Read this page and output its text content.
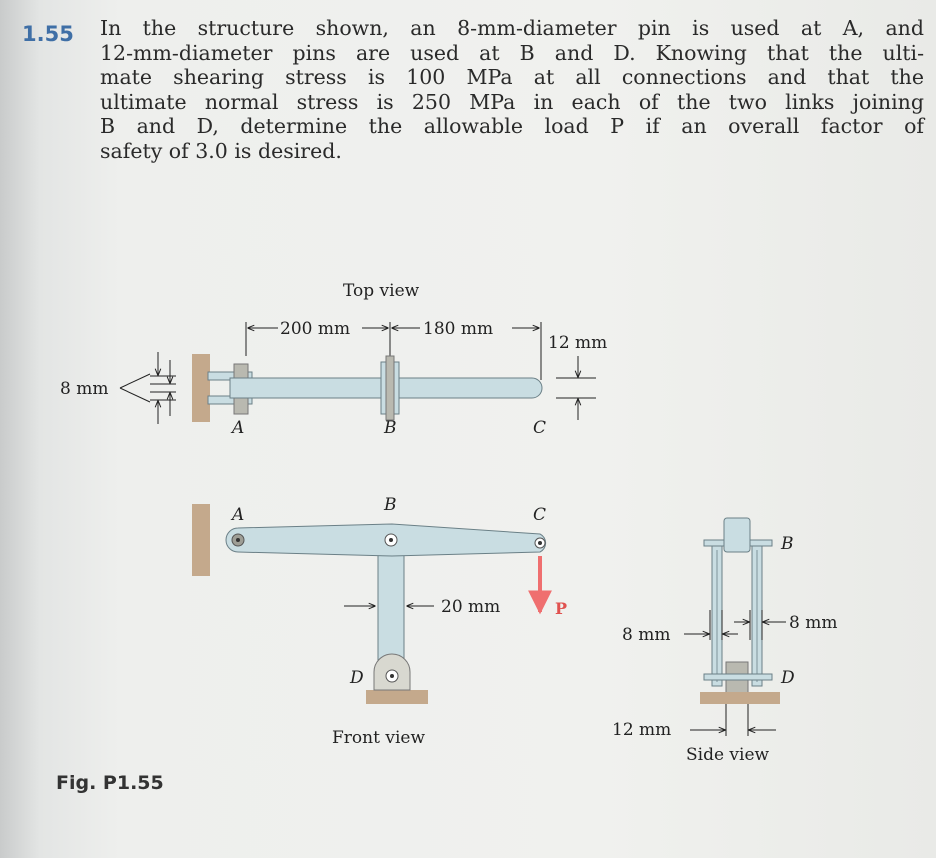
1.55 In the structure shown, an 8-mm-diameter pin is used at A, and
12-mm-diameter pins are used at B and D. Knowing that the ulti-
mate shearing stress is 100 MPa at all connections and that the
ultimate normal stress is 250 MPa in each of the two links joining
B and D, determine the allowable load P if an overall factor of
safety of 3.0 is desired.
Top view
200 mm	180 mm
8 mm
12 mm
A	B	C
A	B	C
D
20 mm	P
Front view
B
D
8 mm
8 mm
12 mm
Side view
Fig. P1.55
